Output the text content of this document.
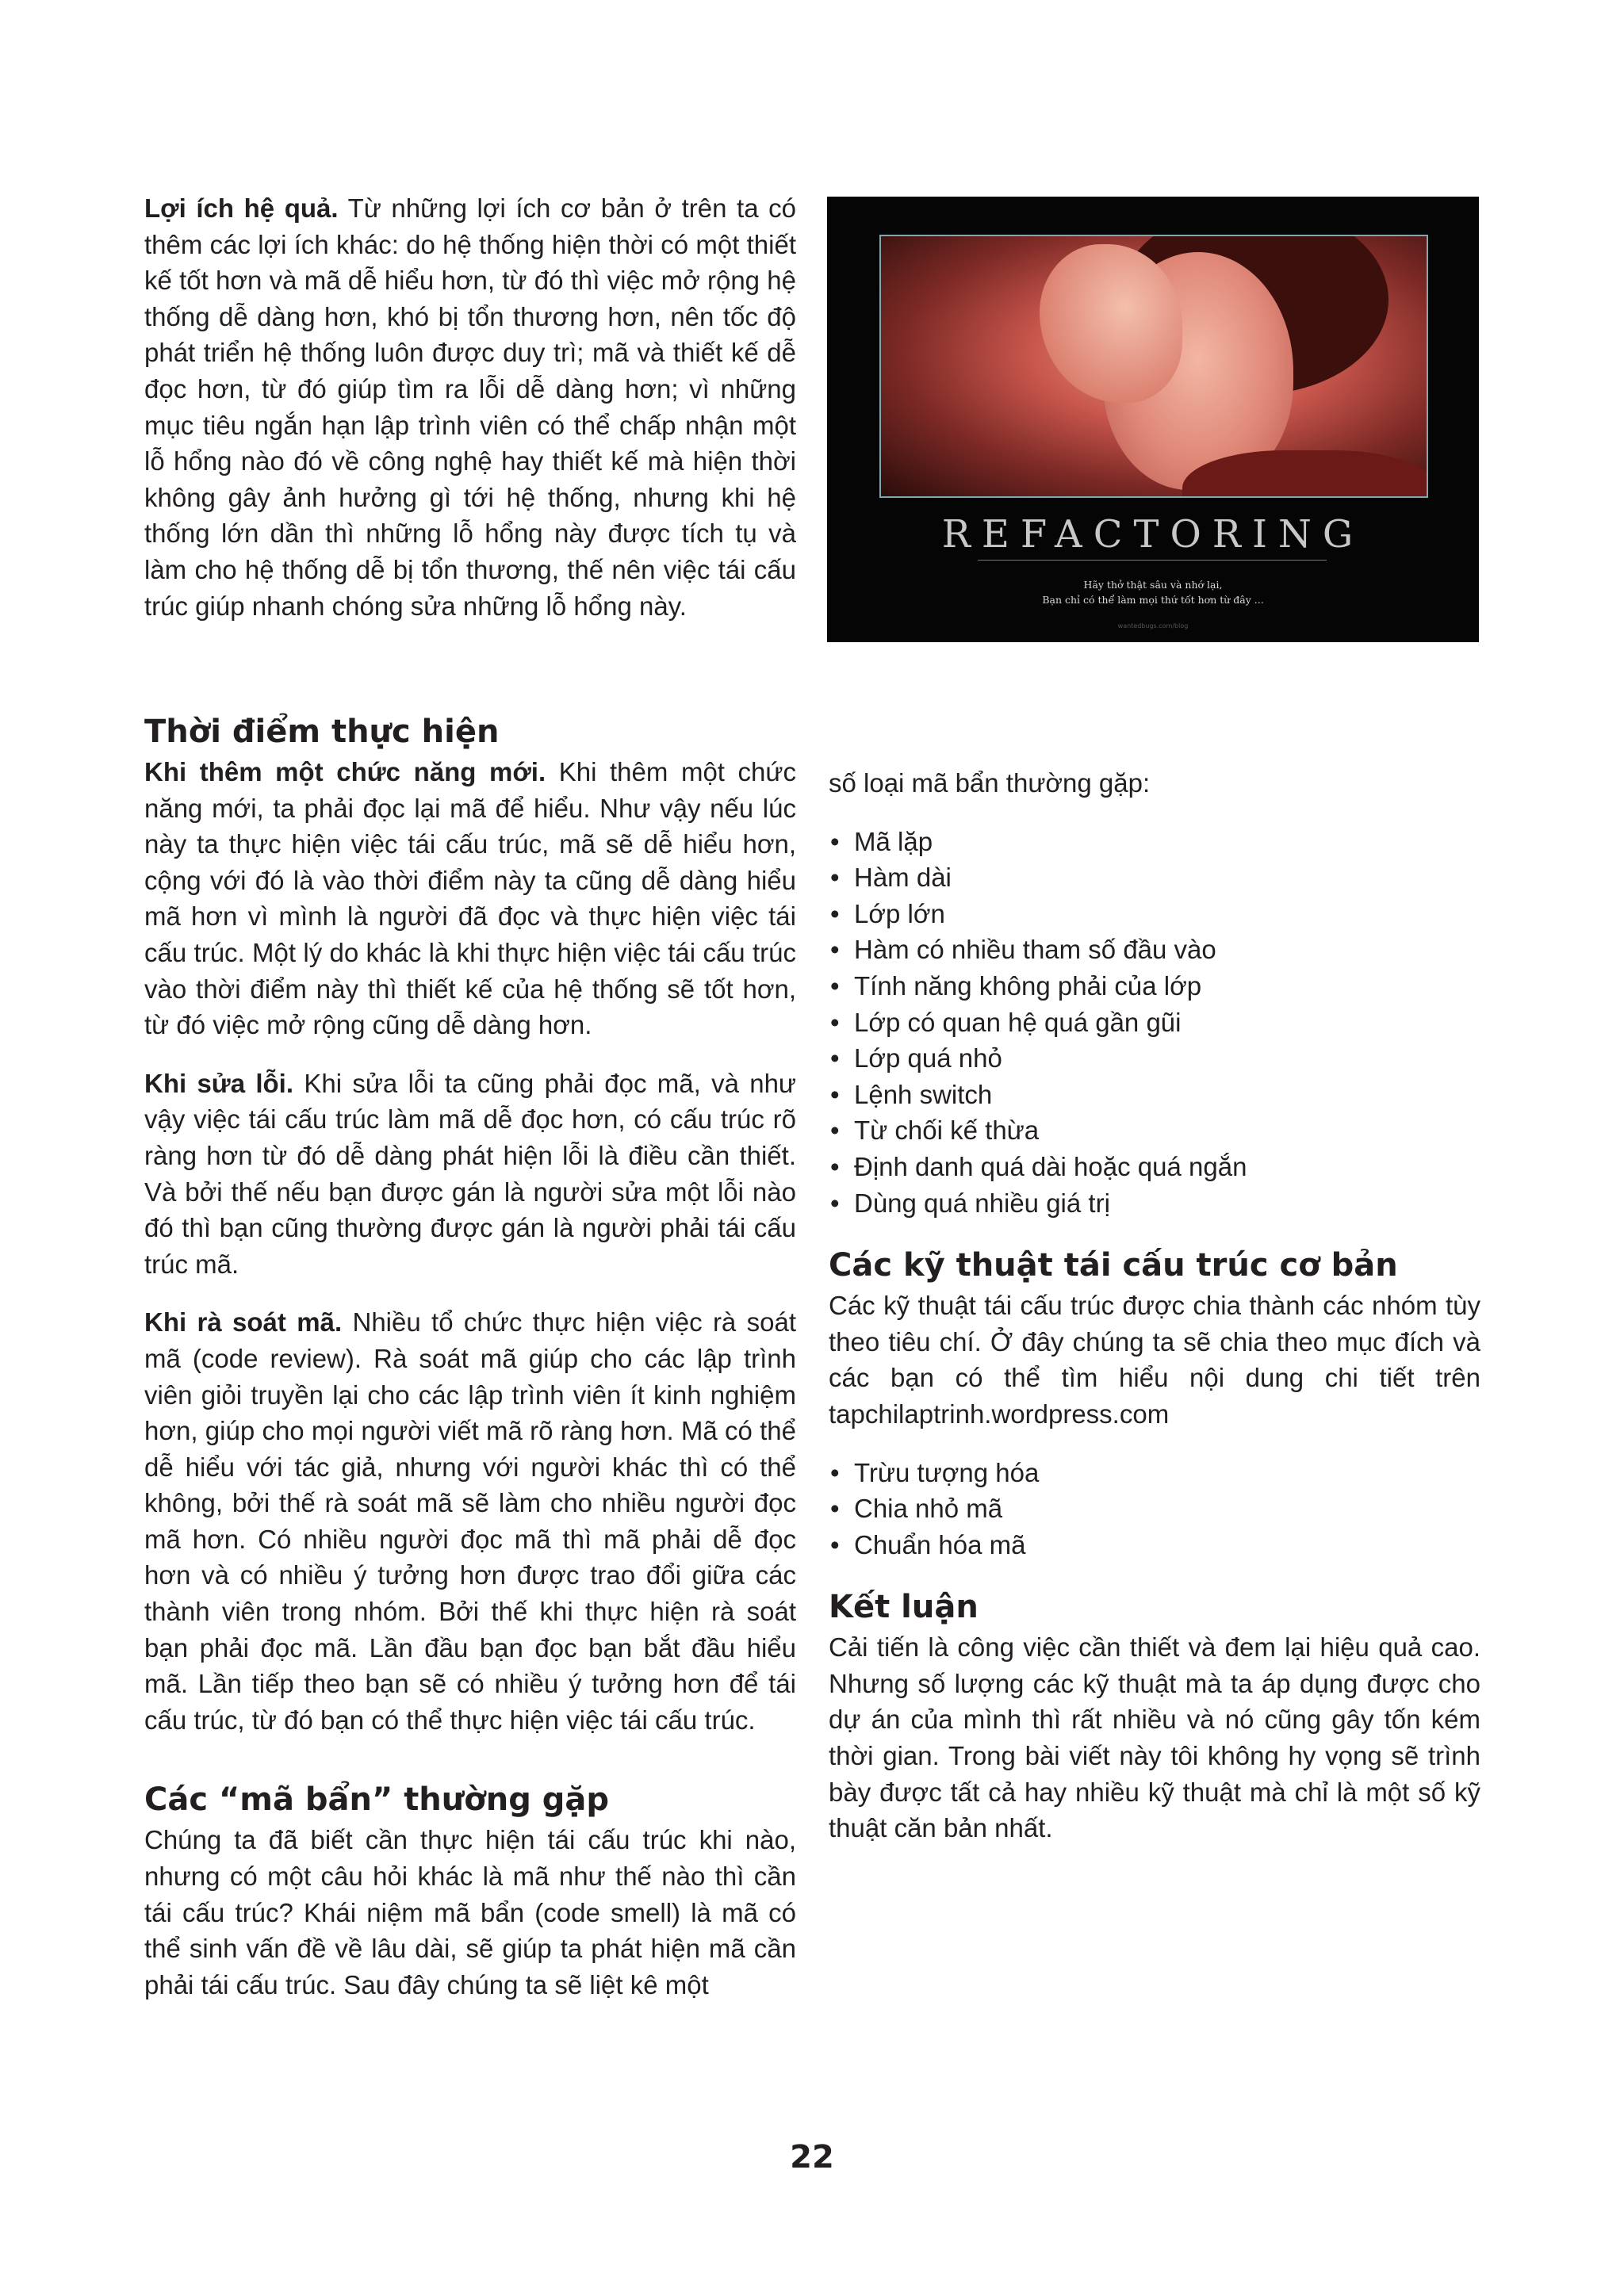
Lợi ích hệ quả. Từ những lợi ích cơ bản ở trên ta có thêm các lợi ích khác: do hệ thống hiện thời có một thiết kế tốt hơn và mã dễ hiểu hơn, từ đó thì việc mở rộng hệ thống dễ dàng hơn, khó bị tổn thương hơn, nên tốc độ phát triển hệ thống luôn được duy trì; mã và thiết kế dễ đọc hơn, từ đó giúp tìm ra lỗi dễ dàng hơn; vì những mục tiêu ngắn hạn lập trình viên có thể chấp nhận một lỗ hổng nào đó về công nghệ hay thiết kế mà hiện thời không gây ảnh hưởng gì tới hệ thống, nhưng khi hệ thống lớn dần thì những lỗ hổng này được tích tụ và làm cho hệ thống dễ bị tổn thương, thế nên việc tái cấu trúc giúp nhanh chóng sửa những lỗ hổng này.

REFACTORING
Hãy thở thật sâu và nhớ lại,
Bạn chỉ có thể làm mọi thứ tốt hơn từ đây ...
wantedbugs.com/blog
Thời điểm thực hiện

Khi thêm một chức năng mới. Khi thêm một chức năng mới, ta phải đọc lại mã để hiểu. Như vậy nếu lúc này ta thực hiện việc tái cấu trúc, mã sẽ dễ hiểu hơn, cộng với đó là vào thời điểm này ta cũng dễ dàng hiểu mã hơn vì mình là người đã đọc và thực hiện việc tái cấu trúc. Một lý do khác là khi thực hiện việc tái cấu trúc vào thời điểm này thì thiết kế của hệ thống sẽ tốt hơn, từ đó việc mở rộng cũng dễ dàng hơn.

Khi sửa lỗi. Khi sửa lỗi ta cũng phải đọc mã, và như vậy việc tái cấu trúc làm mã dễ đọc hơn, có cấu trúc rõ ràng hơn từ đó dễ dàng phát hiện lỗi là điều cần thiết. Và bởi thế nếu bạn được gán là người sửa một lỗi nào đó thì bạn cũng thường được gán là người phải tái cấu trúc mã.

Khi rà soát mã. Nhiều tổ chức thực hiện việc rà soát mã (code review). Rà soát mã giúp cho các lập trình viên giỏi truyền lại cho các lập trình viên ít kinh nghiệm hơn, giúp cho mọi người viết mã rõ ràng hơn. Mã có thể dễ hiểu với tác giả, nhưng với người khác thì có thể không, bởi thế rà soát mã sẽ làm cho nhiều người đọc mã hơn. Có nhiều người đọc mã thì mã phải dễ đọc hơn và có nhiều ý tưởng hơn được trao đổi giữa các thành viên trong nhóm. Bởi thế khi thực hiện rà soát bạn phải đọc mã. Lần đầu bạn đọc bạn bắt đầu hiểu mã. Lần tiếp theo bạn sẽ có nhiều ý tưởng hơn để tái cấu trúc, từ đó bạn có thể thực hiện việc tái cấu trúc.

Các “mã bẩn” thường gặp

Chúng ta đã biết cần thực hiện tái cấu trúc khi nào, nhưng có một câu hỏi khác là mã như thế nào thì cần tái cấu trúc? Khái niệm mã bẩn (code smell) là mã có thể sinh vấn đề về lâu dài, sẽ giúp ta phát hiện mã cần phải tái cấu trúc. Sau đây chúng ta sẽ liệt kê một

số loại mã bẩn thường gặp:

• Mã lặp
• Hàm dài
• Lớp lớn
• Hàm có nhiều tham số đầu vào
• Tính năng không phải của lớp
• Lớp có quan hệ quá gần gũi
• Lớp quá nhỏ
• Lệnh switch
• Từ chối kế thừa
• Định danh quá dài hoặc quá ngắn
• Dùng quá nhiều giá trị
Các kỹ thuật tái cấu trúc cơ bản

Các kỹ thuật tái cấu trúc được chia thành các nhóm tùy theo tiêu chí. Ở đây chúng ta sẽ chia theo mục đích và các bạn có thể tìm hiểu nội dung chi tiết trên tapchilaptrinh.wordpress.com

• Trừu tượng hóa
• Chia nhỏ mã
• Chuẩn hóa mã
Kết luận

Cải tiến là công việc cần thiết và đem lại hiệu quả cao. Nhưng số lượng các kỹ thuật mà ta áp dụng được cho dự án của mình thì rất nhiều và nó cũng gây tốn kém thời gian. Trong bài viết này tôi không hy vọng sẽ trình bày được tất cả hay nhiều kỹ thuật mà chỉ là một số kỹ thuật căn bản nhất.

22
